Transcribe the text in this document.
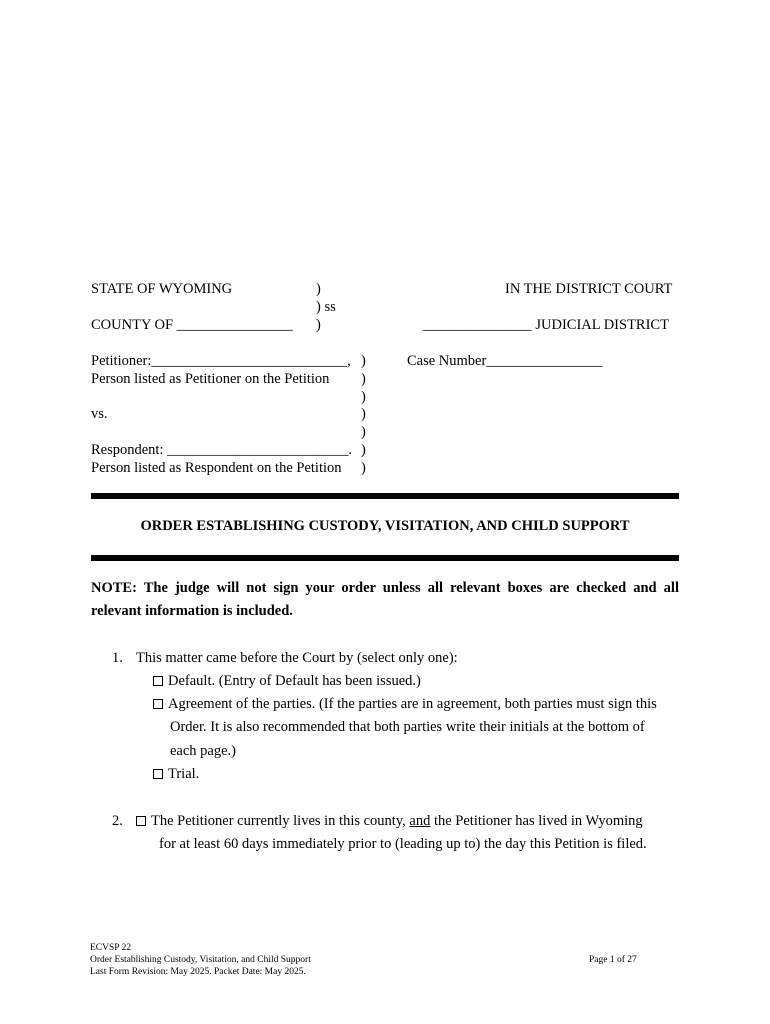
STATE OF WYOMING	)	IN THE DISTRICT COURT
) ss
COUNTY OF ________________ )	_______________ JUDICIAL DISTRICT
Petitioner:___________________________, )	Case Number________________
Person listed as Petitioner on the Petition )
)
vs.	)
)
Respondent: _________________________. )
Person listed as Respondent on the Petition )
ORDER ESTABLISHING CUSTODY, VISITATION, AND CHILD SUPPORT
NOTE: The judge will not sign your order unless all relevant boxes are checked and all relevant information is included.
1. This matter came before the Court by (select only one):
Default. (Entry of Default has been issued.)
Agreement of the parties. (If the parties are in agreement, both parties must sign this
Order. It is also recommended that both parties write their initials at the bottom of
each page.)
Trial.
2.	The Petitioner currently lives in this county, and the Petitioner has lived in Wyoming
for at least 60 days immediately prior to (leading up to) the day this Petition is filed.
ECVSP 22
Order Establishing Custody, Visitation, and Child Support
Last Form Revision: May 2025. Packet Date: May 2025.
Page 1 of 27
